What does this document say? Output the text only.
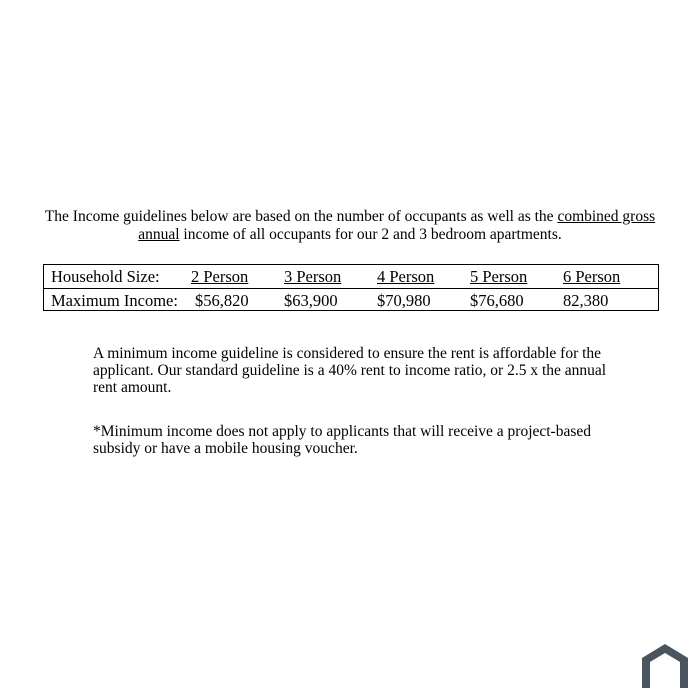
The Income guidelines below are based on the number of occupants as well as the combined gross annual income of all occupants for our 2 and 3 bedroom apartments.
Household Size: 2 Person 3 Person 4 Person 5 Person 6 Person
Maximum Income: $56,820 $63,900 $70,980 $76,680 82,380
A minimum income guideline is considered to ensure the rent is affordable for the applicant. Our standard guideline is a 40% rent to income ratio, or 2.5 x the annual rent amount.
*Minimum income does not apply to applicants that will receive a project-based subsidy or have a mobile housing voucher.
